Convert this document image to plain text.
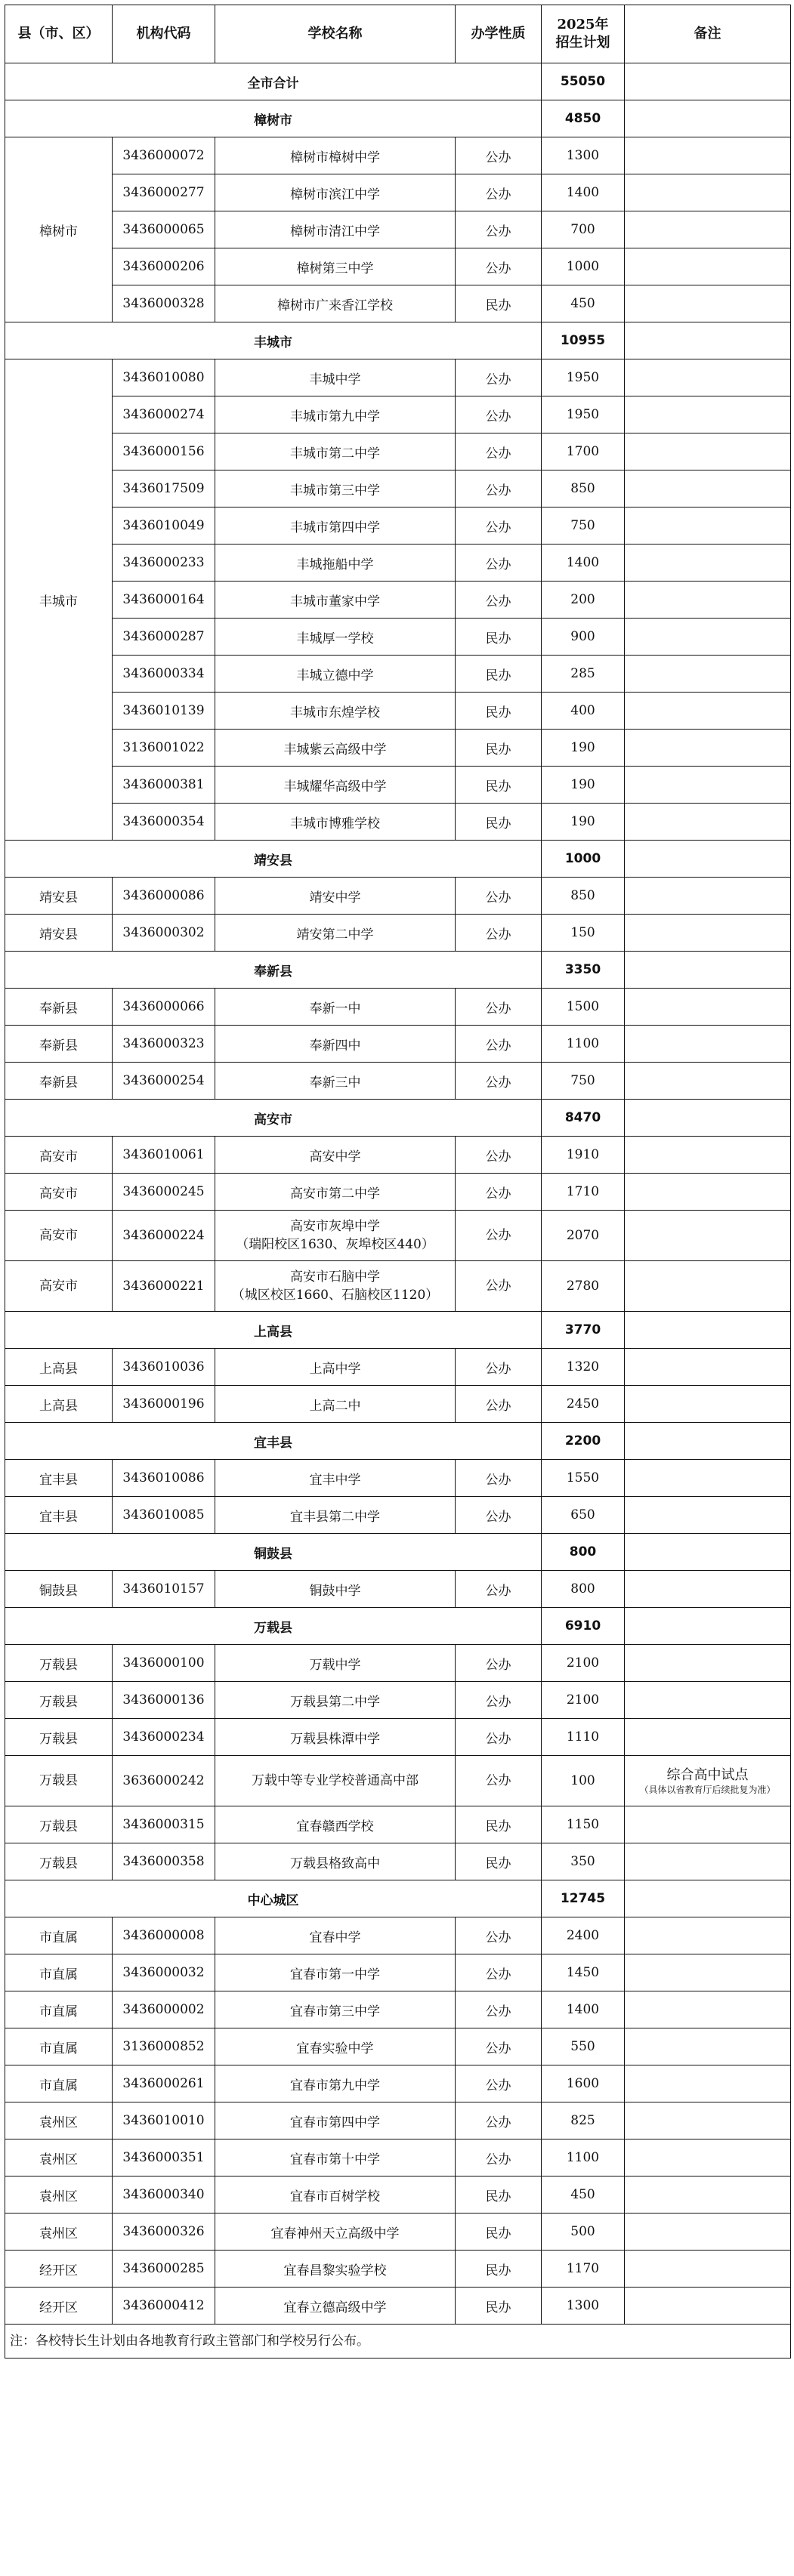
县（市、区）	机构代码	学校名称	办学性质	2025年
招生计划	备注
全市合计				55050	
樟树市				4850	
樟树市	3436000072	樟树市樟树中学	公办	1300	
	3436000277	樟树市滨江中学	公办	1400	
	3436000065	樟树市清江中学	公办	700	
	3436000206	樟树第三中学	公办	1000	
	3436000328	樟树市广来香江学校	民办	450	
丰城市				10955	
丰城市	3436010080	丰城中学	公办	1950	
	3436000274	丰城市第九中学	公办	1950	
	3436000156	丰城市第二中学	公办	1700	
	3436017509	丰城市第三中学	公办	850	
	3436010049	丰城市第四中学	公办	750	
	3436000233	丰城拖船中学	公办	1400	
	3436000164	丰城市董家中学	公办	200	
	3436000287	丰城厚一学校	民办	900	
	3436000334	丰城立德中学	民办	285	
	3436010139	丰城市东煌学校	民办	400	
	3136001022	丰城紫云高级中学	民办	190	
	3436000381	丰城耀华高级中学	民办	190	
	3436000354	丰城市博雅学校	民办	190	
靖安县				1000	
靖安县	3436000086	靖安中学	公办	850	
靖安县	3436000302	靖安第二中学	公办	150	
奉新县				3350	
奉新县	3436000066	奉新一中	公办	1500	
奉新县	3436000323	奉新四中	公办	1100	
奉新县	3436000254	奉新三中	公办	750	
高安市				8470	
高安市	3436010061	高安中学	公办	1910	
高安市	3436000245	高安市第二中学	公办	1710	
高安市	3436000224	高安市灰埠中学
（瑞阳校区1630、灰埠校区440）	公办	2070	
高安市	3436000221	高安市石脑中学
（城区校区1660、石脑校区1120）	公办	2780	
上高县				3770	
上高县	3436010036	上高中学	公办	1320	
上高县	3436000196	上高二中	公办	2450	
宜丰县				2200	
宜丰县	3436010086	宜丰中学	公办	1550	
宜丰县	3436010085	宜丰县第二中学	公办	650	
铜鼓县				800	
铜鼓县	3436010157	铜鼓中学	公办	800	
万载县				6910	
万载县	3436000100	万载中学	公办	2100	
万载县	3436000136	万载县第二中学	公办	2100	
万载县	3436000234	万载县株潭中学	公办	1110	
万载县	3636000242	万载中等专业学校普通高中部	公办	100	综合高中试点
（具体以省教育厅后续批复为准）

万载县	3436000315	宜春赣西学校	民办	1150	
万载县	3436000358	万载县格致高中	民办	350	
中心城区				12745	
市直属	3436000008	宜春中学	公办	2400	
市直属	3436000032	宜春市第一中学	公办	1450	
市直属	3436000002	宜春市第三中学	公办	1400	
市直属	3136000852	宜春实验中学	公办	550	
市直属	3436000261	宜春市第九中学	公办	1600	
袁州区	3436010010	宜春市第四中学	公办	825	
袁州区	3436000351	宜春市第十中学	公办	1100	
袁州区	3436000340	宜春市百树学校	民办	450	
袁州区	3436000326	宜春神州天立高级中学	民办	500	
经开区	3436000285	宜春昌黎实验学校	民办	1170	
经开区	3436000412	宜春立德高级中学	民办	1300	
注：各校特长生计划由各地教育行政主管部门和学校另行公布。					
